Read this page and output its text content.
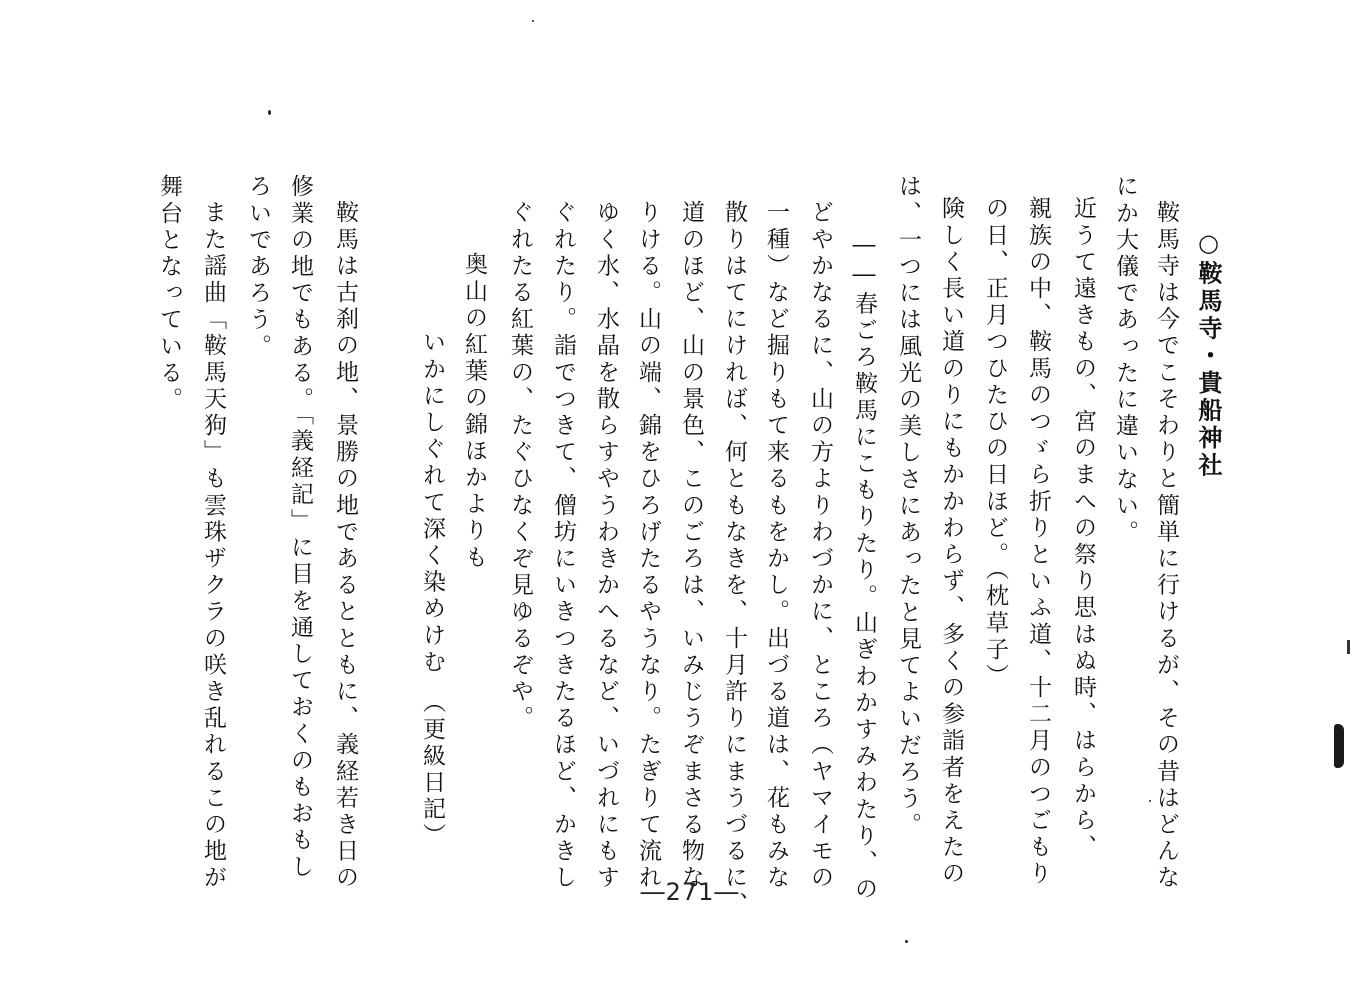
○鞍馬寺・貴船神社

鞍馬寺は今でこそわりと簡単に行けるが、その昔はどんな

にか大儀であったに違いない。

近うて遠きもの、宮のまへの祭り思はぬ時、はらから、

親族の中、鞍馬のつゞら折りといふ道、十二月のつごもり

の日、正月つひたひの日ほど。（枕草子）

険しく長い道のりにもかかわらず、多くの参詣者をえたの

は、一つには風光の美しさにあったと見てよいだろう。

――春ごろ鞍馬にこもりたり。山ぎわかすみわたり、の

どやかなるに、山の方よりわづかに、ところ（ヤマイモの

一種）など掘りもて来るもをかし。出づる道は、花もみな

散りはてにければ、何ともなきを、十月許りにまうづるに、

道のほど、山の景色、このごろは、いみじうぞまさる物な

りける。山の端、錦をひろげたるやうなり。たぎりて流れ

ゆく水、水晶を散らすやうわきかへるなど、いづれにもす

ぐれたり。詣でつきて、僧坊にいきつきたるほど、かきし

ぐれたる紅葉の、たぐひなくぞ見ゆるぞや。

奥山の紅葉の錦ほかよりも

いかにしぐれて深く染めけむ

（更級日記）

鞍馬は古刹の地、景勝の地であるとともに、義経若き日の

修業の地でもある。「義経記」に目を通しておくのもおもし

ろいであろう。

また謡曲「鞍馬天狗」も雲珠ザクラの咲き乱れるこの地が

舞台となっている。

―271―
